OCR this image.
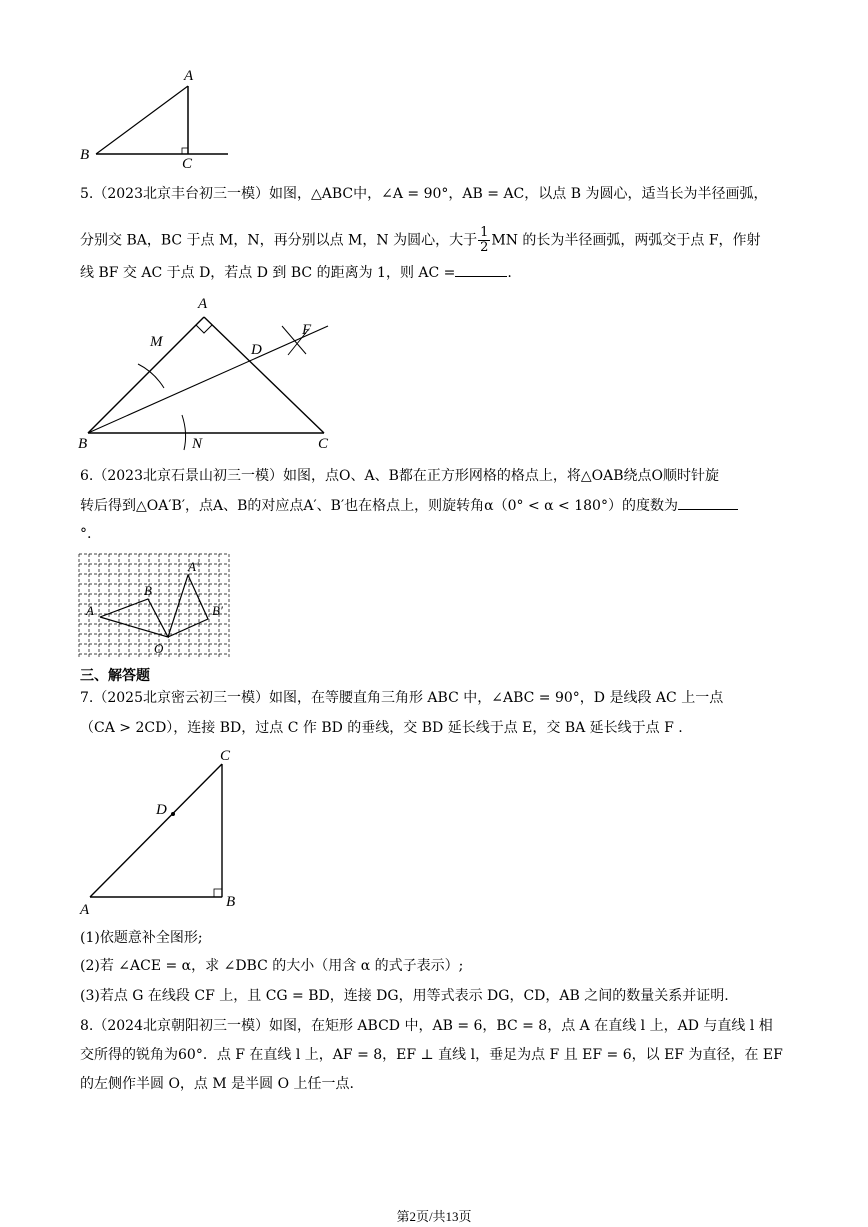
A
B
C
5.（2023北京丰台初三一模）如图，△ABC中，∠A = 90°，AB = AC，以点 B 为圆心，适当长为半径画弧，
分别交 BA，BC 于点 M，N，再分别以点 M，N 为圆心，大于 $\frac{1}{2}$ MN 的长为半径画弧，两弧交于点 F，作射
线 BF 交 AC 于点 D，若点 D 到 BC 的距离为 1，则 AC =	.
A
B	C
D
F
M
N
6.（2023北京石景山初三一模）如图，点O、A、B都在正方形网格的格点上，将△OAB绕点O顺时针旋
转后得到△OA′B′，点A、B的对应点A′、B′也在格点上，则旋转角α（0° < α < 180°）的度数为
°.
A
B
A′
B′
O
三、解答题
7.（2025北京密云初三一模）如图，在等腰直角三角形 ABC 中，∠ABC = 90°，D 是线段 AC 上一点
（CA > 2CD），连接 BD，过点 C 作 BD 的垂线，交 BD 延长线于点 E，交 BA 延长线于点 F .
A	B
C
D
(1)依题意补全图形;
(2)若 ∠ACE = α，求 ∠DBC 的大小（用含 α 的式子表示）;
(3)若点 G 在线段 CF 上，且 CG = BD，连接 DG，用等式表示 DG，CD，AB 之间的数量关系并证明.
8.（2024北京朝阳初三一模）如图，在矩形 ABCD 中，AB = 6，BC = 8，点 A 在直线 l 上，AD 与直线 l 相
交所得的锐角为60°．点 F 在直线 l 上，AF = 8，EF ⊥ 直线 l，垂足为点 F 且 EF = 6，以 EF 为直径，在 EF
的左侧作半圆 O，点 M 是半圆 O 上任一点.
第2页/共13页
